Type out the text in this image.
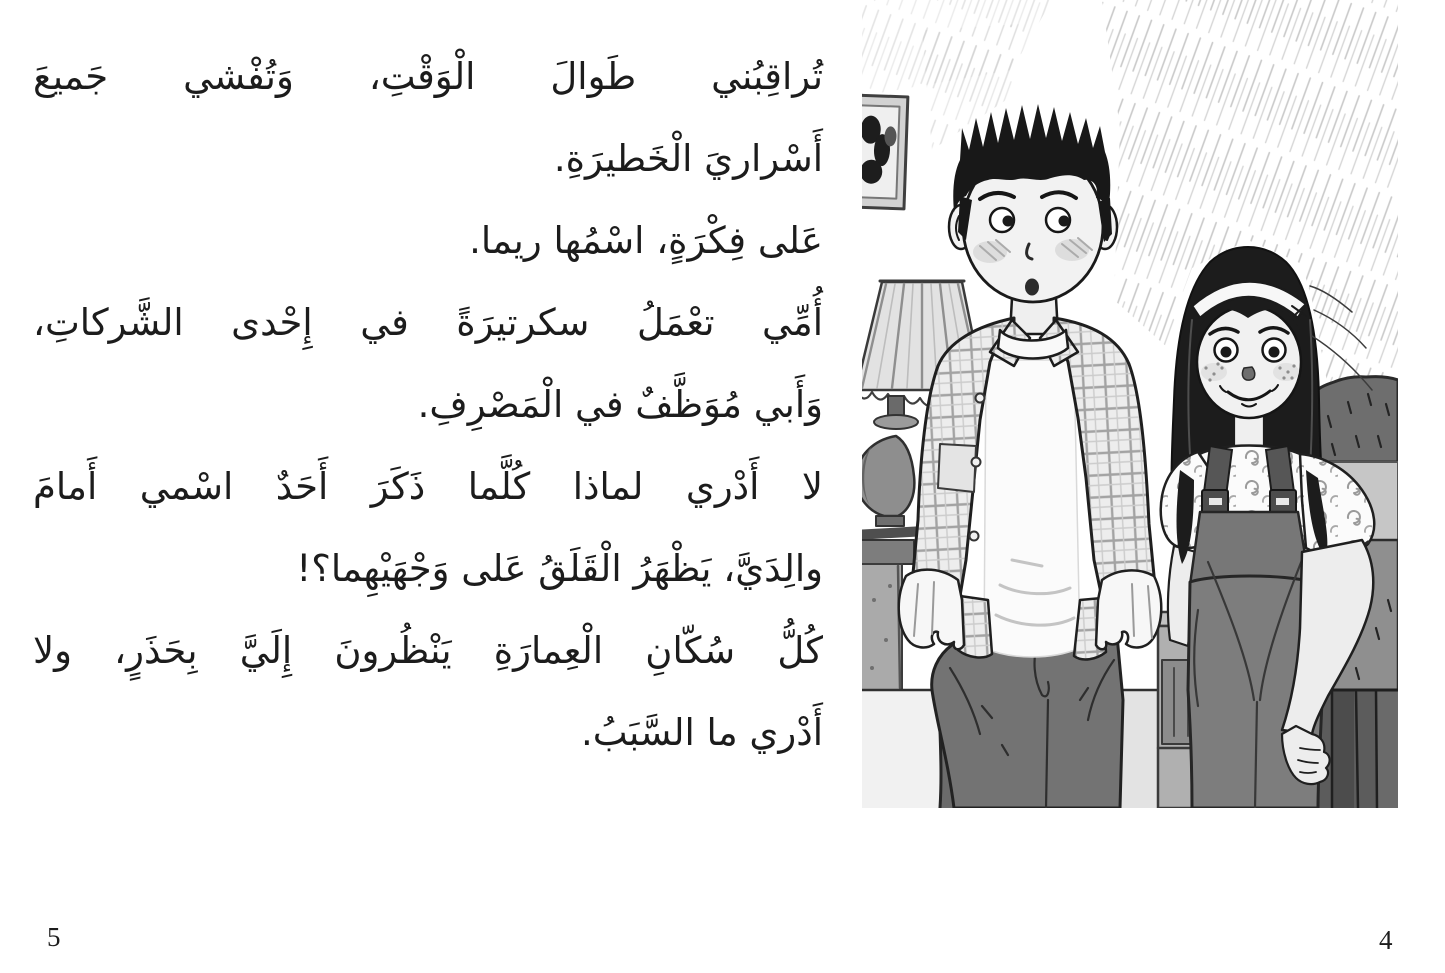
تُراقِبُني طَوالَ الْوَقْتِ، وَتُفْشي جَميعَ
أَسْراريَ الْخَطيرَةِ.
عَلى فِكْرَةٍ، اسْمُها ريما.
أُمِّي تعْمَلُ سكرتيرَةً في إِحْدى الشَّركاتِ،
وَأَبي مُوَظَّفٌ في الْمَصْرِفِ.
لا أَدْري لماذا كُلَّما ذَكَرَ أَحَدٌ اسْمي أَمامَ
والِدَيَّ، يَظْهَرُ الْقَلَقُ عَلى وَجْهَيْهِما؟!
كُلُّ سُكّانِ الْعِمارَةِ يَنْظُرونَ إِلَيَّ بِحَذَرٍ، ولا
أَدْري ما السَّبَبُ.
5	4
